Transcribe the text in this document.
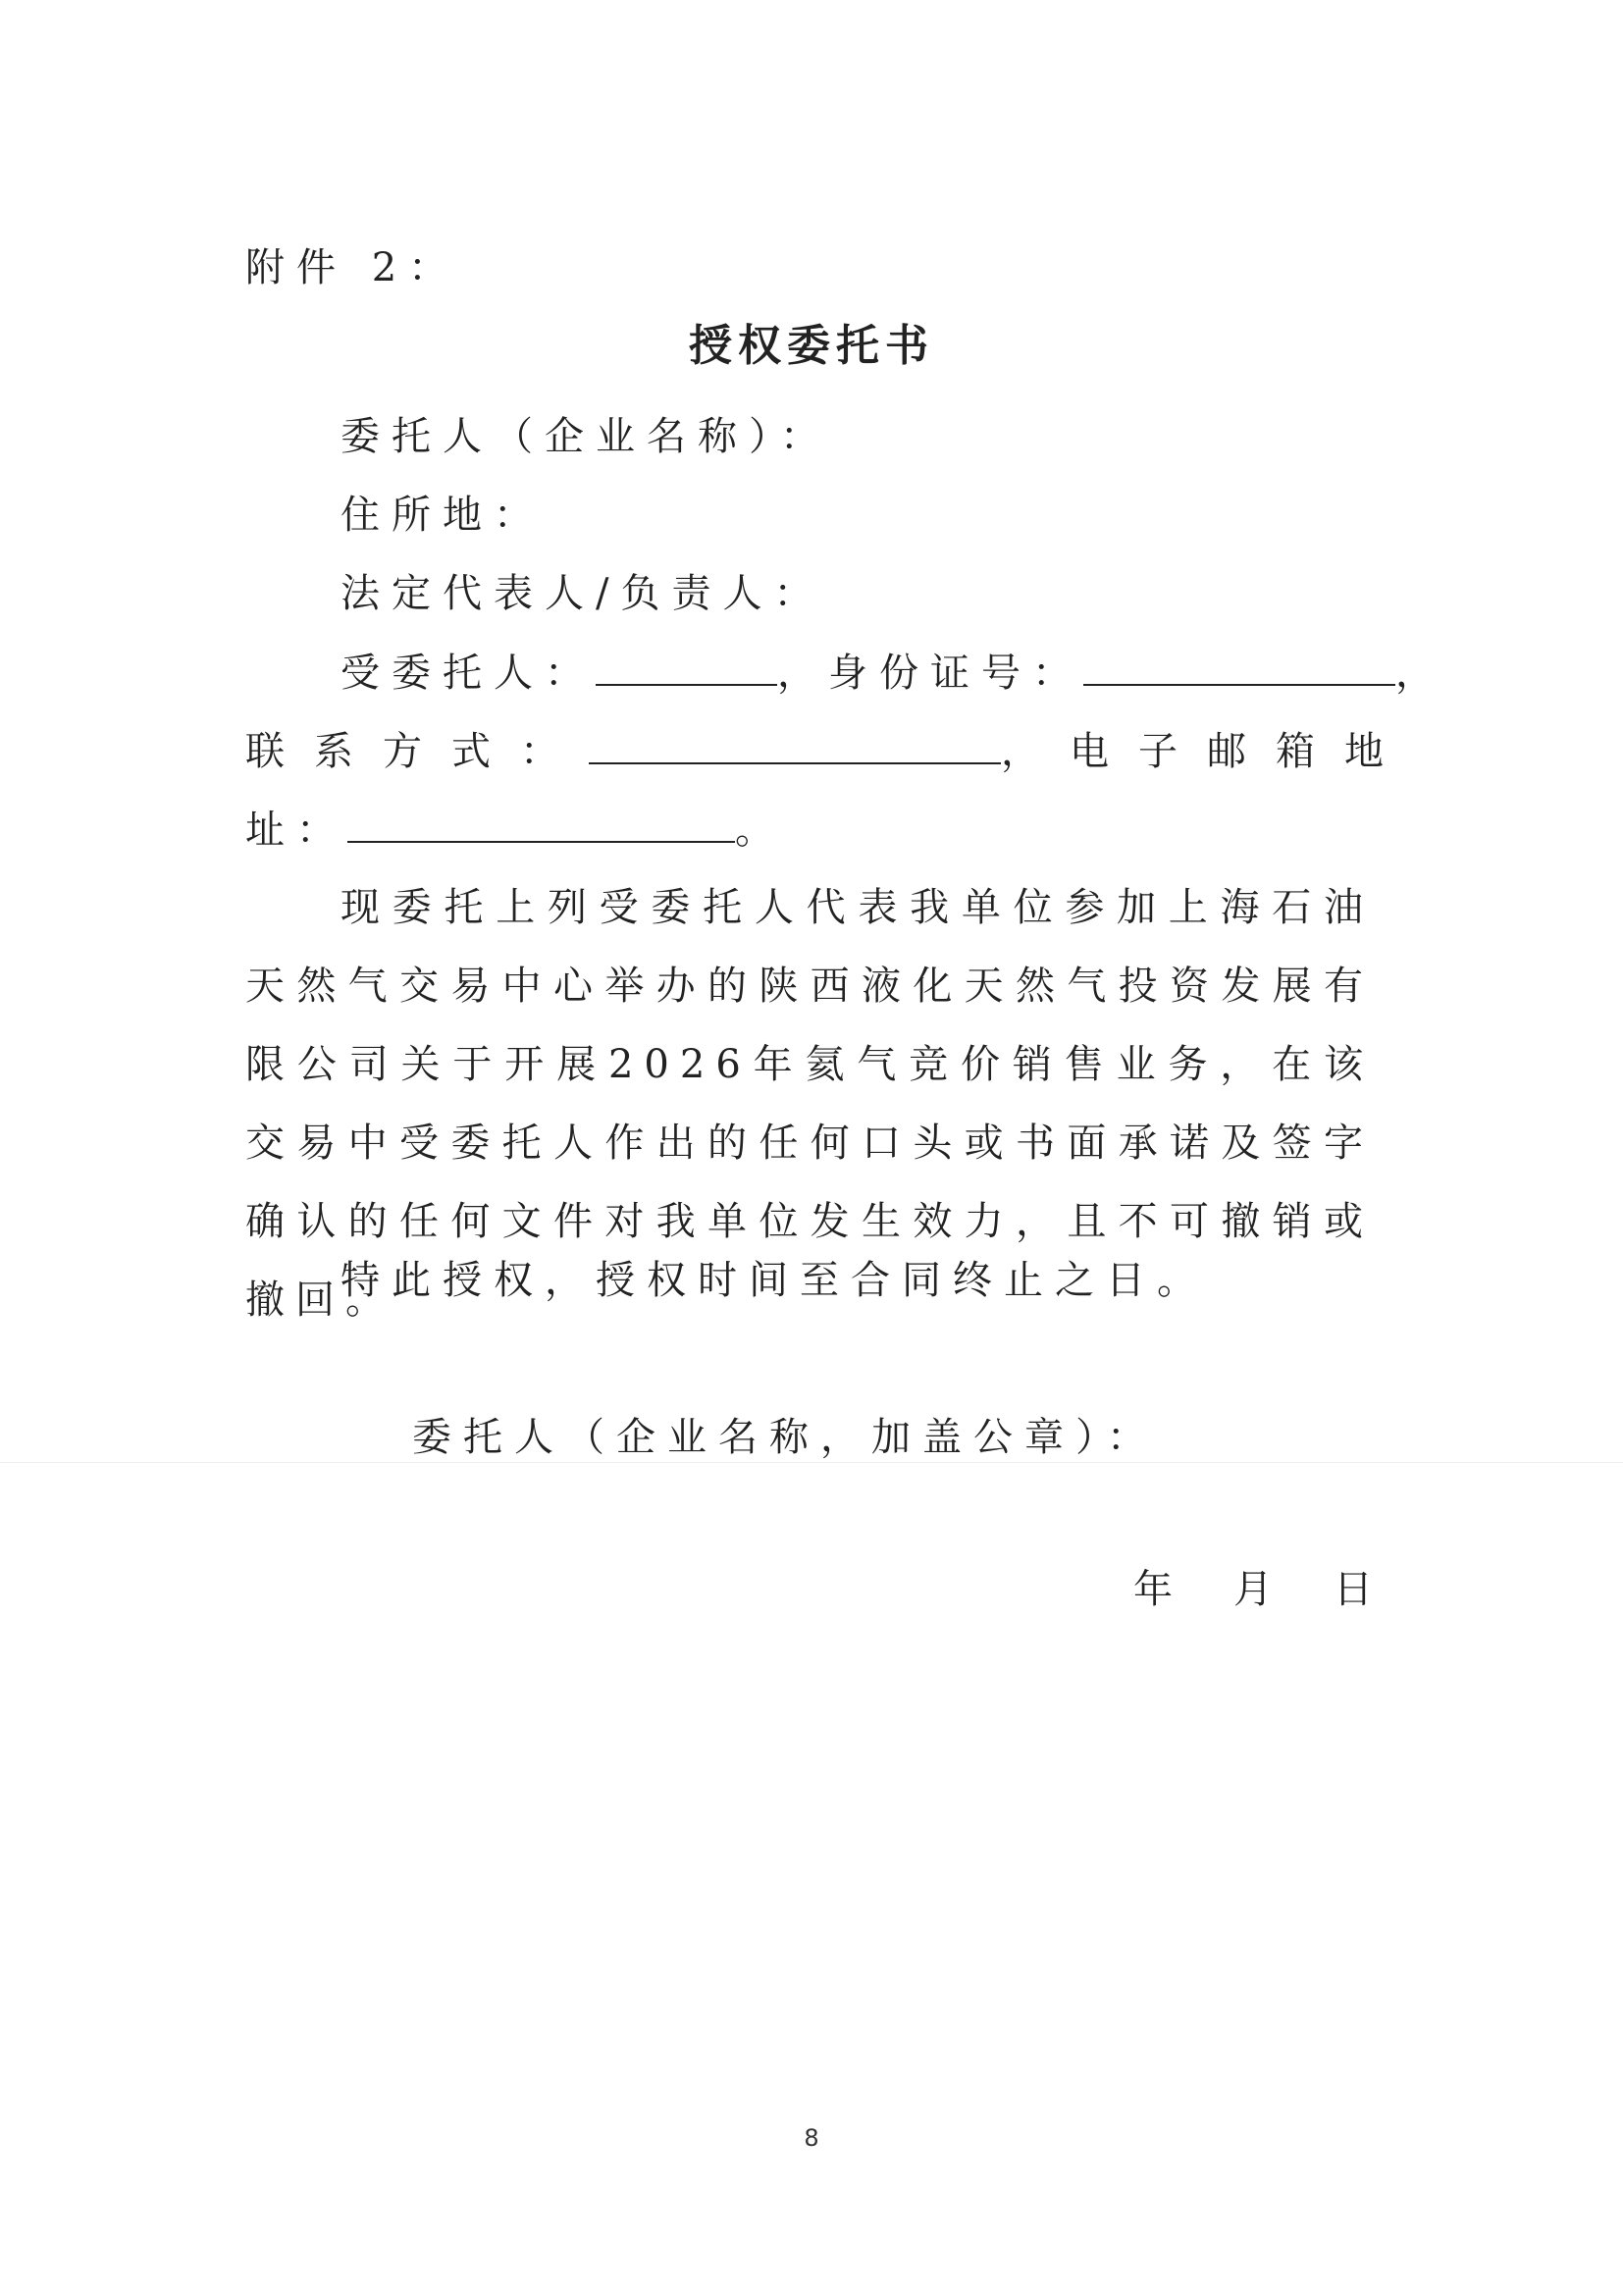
附件 2：
授权委托书
委托人（企业名称）：
住所地：
法定代表人/负责人：
受委托人：	，身份证号：	，
联系方式：	，电子邮箱地
址：	。
现委托上列受委托人代表我单位参加上海石油天然气交易中心举办的陕西液化天然气投资发展有限公司关于开展2026年氦气竞价销售业务，在该交易中受委托人作出的任何口头或书面承诺及签字确认的任何文件对我单位发生效力，且不可撤销或撤回。
特此授权，授权时间至合同终止之日。
委托人（企业名称，加盖公章）：
年 月 日
8
